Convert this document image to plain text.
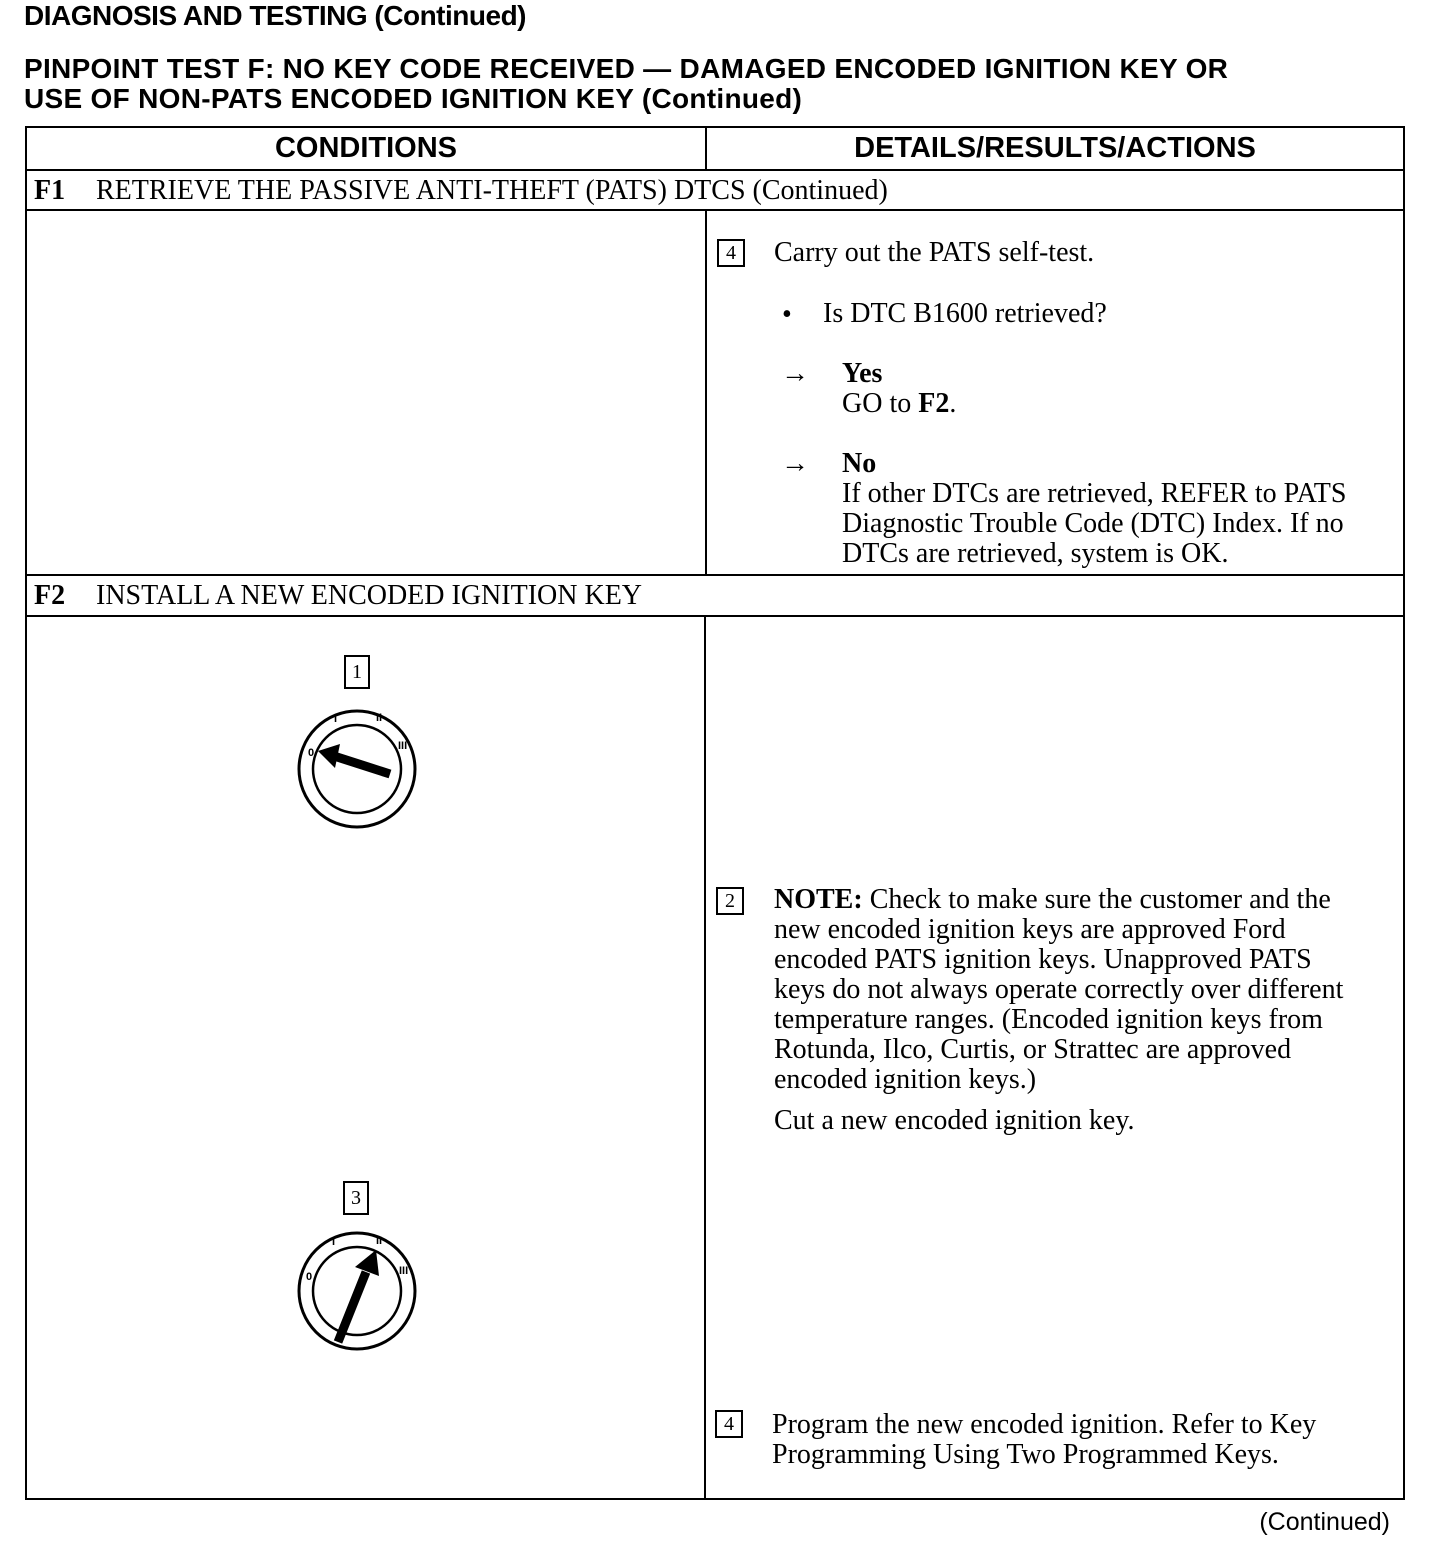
DIAGNOSIS AND TESTING (Continued)
PINPOINT TEST F: NO KEY CODE RECEIVED — DAMAGED ENCODED IGNITION KEY OR
USE OF NON-PATS ENCODED IGNITION KEY (Continued)
CONDITIONS	DETAILS/RESULTS/ACTIONS
F1	RETRIEVE THE PASSIVE ANTI-THEFT (PATS) DTCS (Continued)
4	Carry out the PATS self-test.
• Is DTC B1600 retrieved?
→ Yes
GO to F2.
→ No
If other DTCs are retrieved, REFER to PATS
Diagnostic Trouble Code (DTC) Index. If no
DTCs are retrieved, system is OK.
F2	INSTALL A NEW ENCODED IGNITION KEY
1
0
I	II
III
3
0
I	II
III
2	NOTE: Check to make sure the customer and the
new encoded ignition keys are approved Ford
encoded PATS ignition keys. Unapproved PATS
keys do not always operate correctly over different
temperature ranges. (Encoded ignition keys from
Rotunda, Ilco, Curtis, or Strattec are approved
encoded ignition keys.)
Cut a new encoded ignition key.
4	Program the new encoded ignition. Refer to Key
Programming Using Two Programmed Keys.
(Continued)
